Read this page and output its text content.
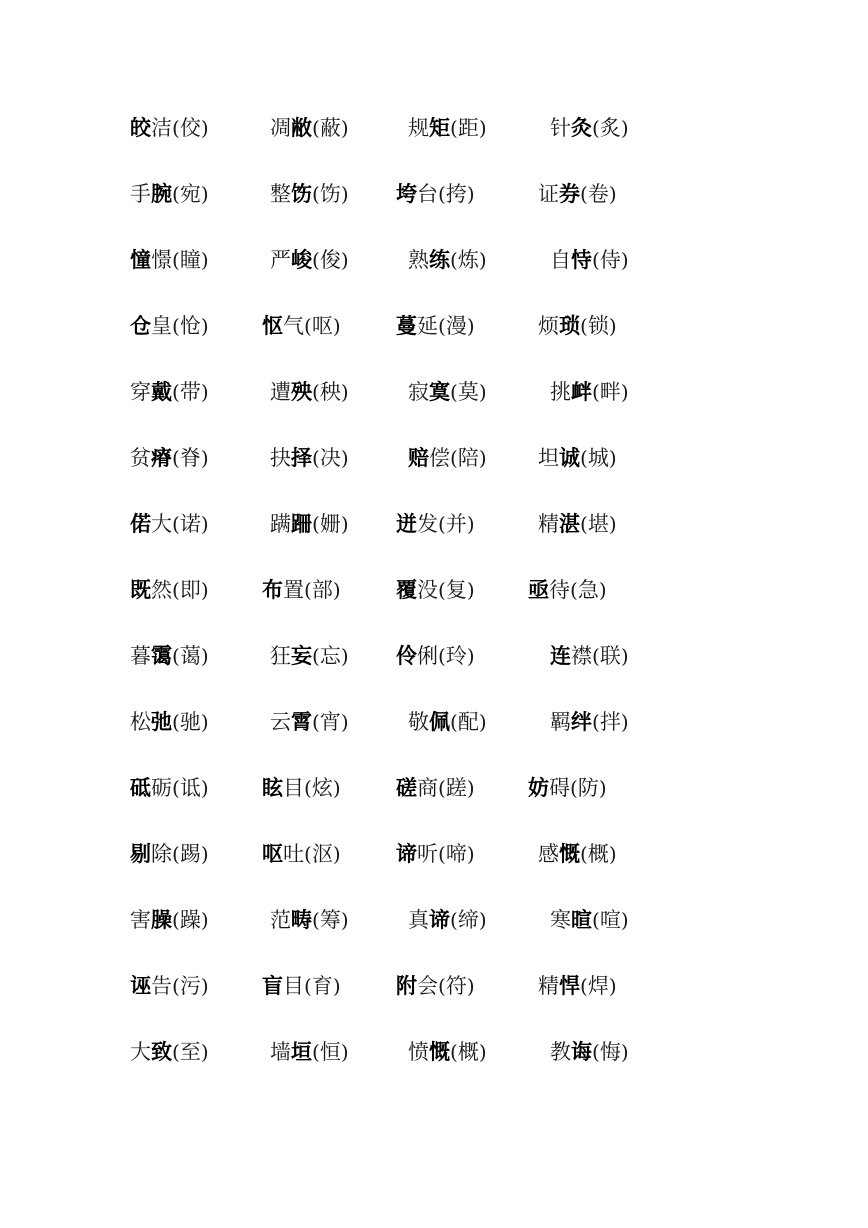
皎洁(佼)	凋敝(蔽)	规矩(距)	针灸(炙)
手腕(宛)	整饬(饬) 垮台(挎)	证券(卷)
憧憬(瞳)	严峻(俊)	熟练(炼)	自恃(侍)
仓皇(怆)	怄气(呕)	蔓延(漫)	烦琐(锁)
穿戴(带)	遭殃(秧)	寂寞(莫)	挑衅(畔)
贫瘠(脊)	抉择(决)	赔偿(陪) 坦诚(城)
偌大(诺)	蹒跚(姗) 迸发(并)	精湛(堪)
既然(即)	布置(部)	覆没(复)	亟待(急)
暮霭(蔼)	狂妄(忘) 伶俐(玲)	连襟(联)
松弛(驰)	云霄(宵)	敬佩(配)	羁绊(拌)
砥砺(诋)	眩目(炫)	磋商(蹉)	妨碍(防)
剔除(踢)	呕吐(沤)	谛听(啼)	感慨(概)
害臊(躁)	范畴(筹)	真谛(缔)	寒暄(喧)
诬告(污)	盲目(育)	附会(符)	精悍(焊)
大致(至)	墙垣(恒)	愤慨(概)	教诲(悔)
